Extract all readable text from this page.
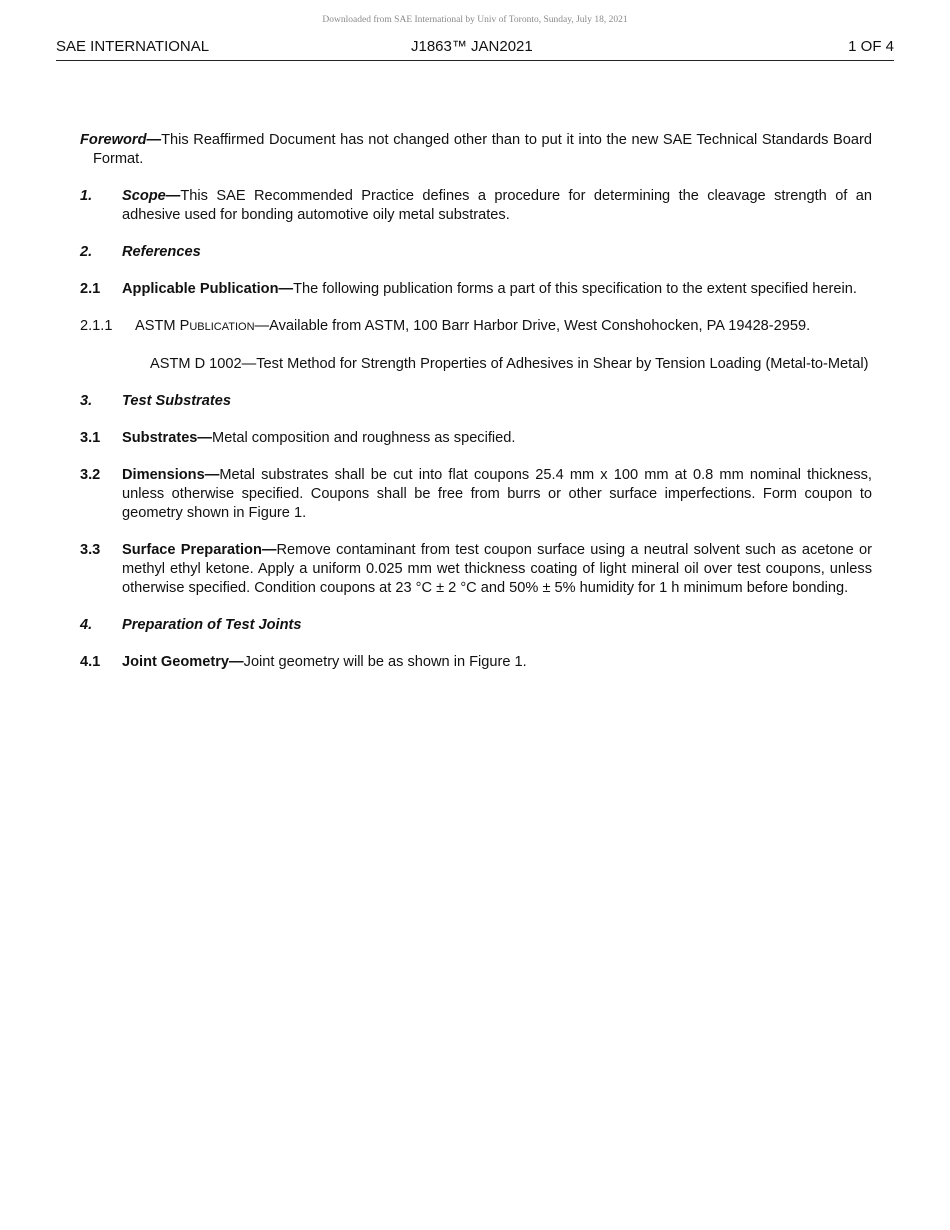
Downloaded from SAE International by Univ of Toronto, Sunday, July 18, 2021
SAE INTERNATIONAL	J1863™ JAN2021	1 OF 4

Foreword—This Reaffirmed Document has not changed other than to put it into the new SAE Technical Standards Board Format.

1.	Scope—This SAE Recommended Practice defines a procedure for determining the cleavage strength of an adhesive used for bonding automotive oily metal substrates.
2.	References
2.1	Applicable Publication—The following publication forms a part of this specification to the extent specified herein.
2.1.1	ASTM PUBLICATION—Available from ASTM, 100 Barr Harbor Drive, West Conshohocken, PA 19428-2959.

ASTM D 1002—Test Method for Strength Properties of Adhesives in Shear by Tension Loading (Metal-to-Metal)

3.	Test Substrates
3.1	Substrates—Metal composition and roughness as specified.
3.2	Dimensions—Metal substrates shall be cut into flat coupons 25.4 mm x 100 mm at 0.8 mm nominal thickness, unless otherwise specified. Coupons shall be free from burrs or other surface imperfections. Form coupon to geometry shown in Figure 1.
3.3	Surface Preparation—Remove contaminant from test coupon surface using a neutral solvent such as acetone or methyl ethyl ketone. Apply a uniform 0.025 mm wet thickness coating of light mineral oil over test coupons, unless otherwise specified. Condition coupons at 23 °C ± 2 °C and 50% ± 5% humidity for 1 h minimum before bonding.
4.	Preparation of Test Joints
4.1	Joint Geometry—Joint geometry will be as shown in Figure 1.
